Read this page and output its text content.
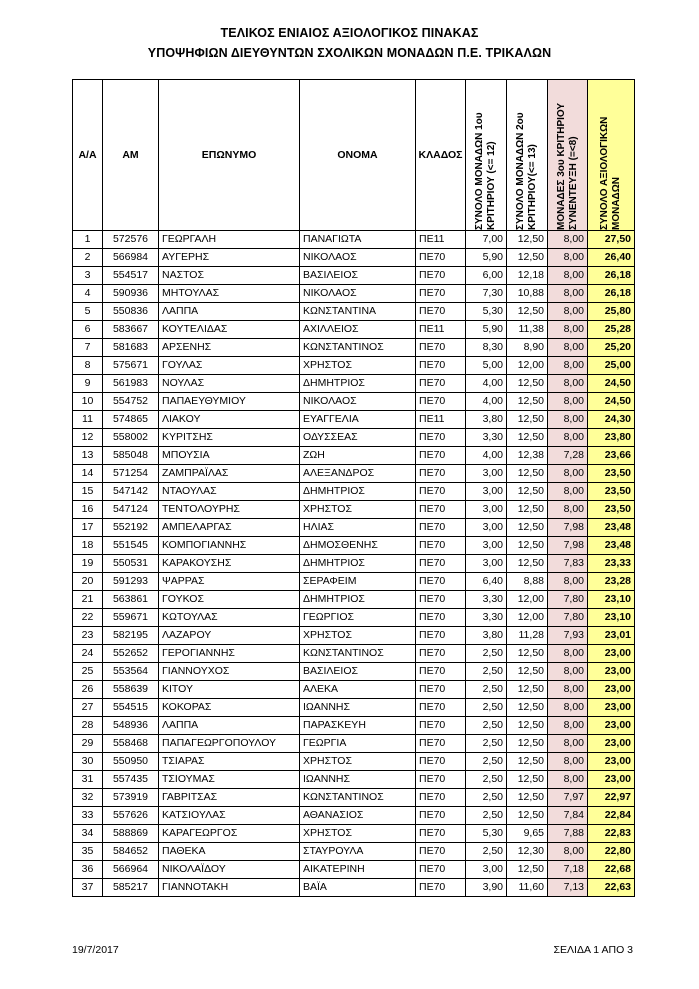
ΤΕΛΙΚΟΣ ΕΝΙΑΙΟΣ ΑΞΙΟΛΟΓΙΚΟΣ ΠΙΝΑΚΑΣ
ΥΠΟΨΗΦΙΩΝ ΔΙΕΥΘΥΝΤΩΝ ΣΧΟΛΙΚΩΝ ΜΟΝΑΔΩΝ Π.Ε. ΤΡΙΚΑΛΩΝ
Α/Α	ΑΜ	ΕΠΩΝΥΜΟ	ΟΝΟΜΑ	ΚΛΑΔΟΣ	ΣΥΝΟΛΟ ΜΟΝΑΔΩΝ 1ου ΚΡΙΤΗΡΙΟΥ (<= 12)	ΣΥΝΟΛΟ ΜΟΝΑΔΩΝ 2ου ΚΡΙΤΗΡΙΟΥ(<= 13)	ΜΟΝΑΔΕΣ 3ου ΚΡΙΤΗΡΙΟΥ ΣΥΝΕΝΤΕΥΞΗ (=<8)	ΣΥΝΟΛΟ ΑΞΙΟΛΟΓΙΚΩΝ ΜΟΝΑΔΩΝ

1	572576	ΓΕΩΡΓΑΛΗ	ΠΑΝΑΓΙΩΤΑ	ΠΕ11	7,00	12,50	8,00	27,50
2	566984	ΑΥΓΕΡΗΣ	ΝΙΚΟΛΑΟΣ	ΠΕ70	5,90	12,50	8,00	26,40
3	554517	ΝΑΣΤΟΣ	ΒΑΣΙΛΕΙΟΣ	ΠΕ70	6,00	12,18	8,00	26,18
4	590936	ΜΗΤΟΥΛΑΣ	ΝΙΚΟΛΑΟΣ	ΠΕ70	7,30	10,88	8,00	26,18
5	550836	ΛΑΠΠΑ	ΚΩΝΣΤΑΝΤΙΝΑ	ΠΕ70	5,30	12,50	8,00	25,80
6	583667	ΚΟΥΤΕΛΙΔΑΣ	ΑΧΙΛΛΕΙΟΣ	ΠΕ11	5,90	11,38	8,00	25,28
7	581683	ΑΡΣΕΝΗΣ	ΚΩΝΣΤΑΝΤΙΝΟΣ	ΠΕ70	8,30	8,90	8,00	25,20
8	575671	ΓΟΥΛΑΣ	ΧΡΗΣΤΟΣ	ΠΕ70	5,00	12,00	8,00	25,00
9	561983	ΝΟΥΛΑΣ	ΔΗΜΗΤΡΙΟΣ	ΠΕ70	4,00	12,50	8,00	24,50
10	554752	ΠΑΠΑΕΥΘΥΜΙΟΥ	ΝΙΚΟΛΑΟΣ	ΠΕ70	4,00	12,50	8,00	24,50
11	574865	ΛΙΑΚΟΥ	ΕΥΑΓΓΕΛΙΑ	ΠΕ11	3,80	12,50	8,00	24,30
12	558002	ΚΥΡΙΤΣΗΣ	ΟΔΥΣΣΕΑΣ	ΠΕ70	3,30	12,50	8,00	23,80
13	585048	ΜΠΟΥΣΙΑ	ΖΩΗ	ΠΕ70	4,00	12,38	7,28	23,66
14	571254	ΖΑΜΠΡΑΪΛΑΣ	ΑΛΕΞΑΝΔΡΟΣ	ΠΕ70	3,00	12,50	8,00	23,50
15	547142	ΝΤΑΟΥΛΑΣ	ΔΗΜΗΤΡΙΟΣ	ΠΕ70	3,00	12,50	8,00	23,50
16	547124	ΤΕΝΤΟΛΟΥΡΗΣ	ΧΡΗΣΤΟΣ	ΠΕ70	3,00	12,50	8,00	23,50
17	552192	ΑΜΠΕΛΑΡΓΑΣ	ΗΛΙΑΣ	ΠΕ70	3,00	12,50	7,98	23,48
18	551545	ΚΟΜΠΟΓΙΑΝΝΗΣ	ΔΗΜΟΣΘΕΝΗΣ	ΠΕ70	3,00	12,50	7,98	23,48
19	550531	ΚΑΡΑΚΟΥΣΗΣ	ΔΗΜΗΤΡΙΟΣ	ΠΕ70	3,00	12,50	7,83	23,33
20	591293	ΨΑΡΡΑΣ	ΣΕΡΑΦΕΙΜ	ΠΕ70	6,40	8,88	8,00	23,28
21	563861	ΓΟΥΚΟΣ	ΔΗΜΗΤΡΙΟΣ	ΠΕ70	3,30	12,00	7,80	23,10
22	559671	ΚΩΤΟΥΛΑΣ	ΓΕΩΡΓΙΟΣ	ΠΕ70	3,30	12,00	7,80	23,10
23	582195	ΛΑΖΑΡΟΥ	ΧΡΗΣΤΟΣ	ΠΕ70	3,80	11,28	7,93	23,01
24	552652	ΓΕΡΟΓΙΑΝΝΗΣ	ΚΩΝΣΤΑΝΤΙΝΟΣ	ΠΕ70	2,50	12,50	8,00	23,00
25	553564	ΓΙΑΝΝΟΥΧΟΣ	ΒΑΣΙΛΕΙΟΣ	ΠΕ70	2,50	12,50	8,00	23,00
26	558639	ΚΙΤΟΥ	ΑΛΕΚΑ	ΠΕ70	2,50	12,50	8,00	23,00
27	554515	ΚΟΚΟΡΑΣ	ΙΩΑΝΝΗΣ	ΠΕ70	2,50	12,50	8,00	23,00
28	548936	ΛΑΠΠΑ	ΠΑΡΑΣΚΕΥΗ	ΠΕ70	2,50	12,50	8,00	23,00
29	558468	ΠΑΠΑΓΕΩΡΓΟΠΟΥΛΟΥ	ΓΕΩΡΓΙΑ	ΠΕ70	2,50	12,50	8,00	23,00
30	550950	ΤΣΙΑΡΑΣ	ΧΡΗΣΤΟΣ	ΠΕ70	2,50	12,50	8,00	23,00
31	557435	ΤΣΙΟΥΜΑΣ	ΙΩΑΝΝΗΣ	ΠΕ70	2,50	12,50	8,00	23,00
32	573919	ΓΑΒΡΙΤΣΑΣ	ΚΩΝΣΤΑΝΤΙΝΟΣ	ΠΕ70	2,50	12,50	7,97	22,97
33	557626	ΚΑΤΣΙΟΥΛΑΣ	ΑΘΑΝΑΣΙΟΣ	ΠΕ70	2,50	12,50	7,84	22,84
34	588869	ΚΑΡΑΓΕΩΡΓΟΣ	ΧΡΗΣΤΟΣ	ΠΕ70	5,30	9,65	7,88	22,83
35	584652	ΠΑΘΕΚΑ	ΣΤΑΥΡΟΥΛΑ	ΠΕ70	2,50	12,30	8,00	22,80
36	566964	ΝΙΚΟΛΑΪΔΟΥ	ΑΙΚΑΤΕΡΙΝΗ	ΠΕ70	3,00	12,50	7,18	22,68
37	585217	ΓΙΑΝΝΟΤΑΚΗ	ΒΑΪΑ	ΠΕ70	3,90	11,60	7,13	22,63
19/7/2017	ΣΕΛΙΔΑ 1 ΑΠΟ 3
